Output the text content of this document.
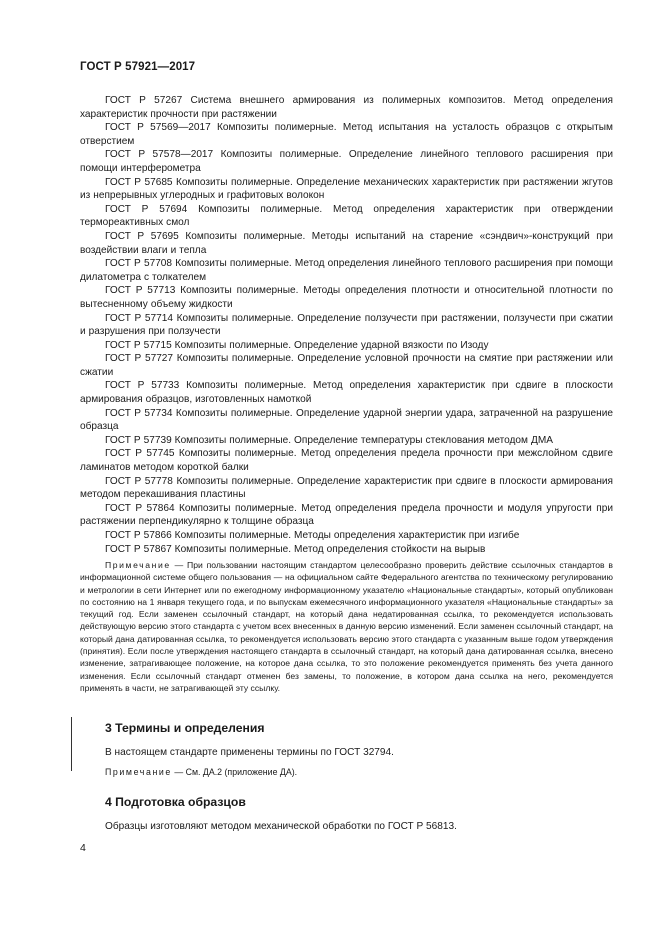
ГОСТ Р 57921—2017

ГОСТ Р 57267 Система внешнего армирования из полимерных композитов. Метод определения характеристик прочности при растяжении

ГОСТ Р 57569—2017 Композиты полимерные. Метод испытания на усталость образцов с открытым отверстием

ГОСТ Р 57578—2017 Композиты полимерные. Определение линейного теплового расширения при помощи интерферометра

ГОСТ Р 57685 Композиты полимерные. Определение механических характеристик при растяжении жгутов из непрерывных углеродных и графитовых волокон

ГОСТ Р 57694 Композиты полимерные. Метод определения характеристик при отверждении термореактивных смол

ГОСТ Р 57695 Композиты полимерные. Методы испытаний на старение «сэндвич»-конструкций при воздействии влаги и тепла

ГОСТ Р 57708 Композиты полимерные. Метод определения линейного теплового расширения при помощи дилатометра с толкателем

ГОСТ Р 57713 Композиты полимерные. Методы определения плотности и относительной плотности по вытесненному объему жидкости

ГОСТ Р 57714 Композиты полимерные. Определение ползучести при растяжении, ползучести при сжатии и разрушения при ползучести

ГОСТ Р 57715 Композиты полимерные. Определение ударной вязкости по Изоду

ГОСТ Р 57727 Композиты полимерные. Определение условной прочности на смятие при растяжении или сжатии

ГОСТ Р 57733 Композиты полимерные. Метод определения характеристик при сдвиге в плоскости армирования образцов, изготовленных намоткой

ГОСТ Р 57734 Композиты полимерные. Определение ударной энергии удара, затраченной на разрушение образца

ГОСТ Р 57739 Композиты полимерные. Определение температуры стеклования методом ДМА

ГОСТ Р 57745 Композиты полимерные. Метод определения предела прочности при межслойном сдвиге ламинатов методом короткой балки

ГОСТ Р 57778 Композиты полимерные. Определение характеристик при сдвиге в плоскости армирования методом перекашивания пластины

ГОСТ Р 57864 Композиты полимерные. Метод определения предела прочности и модуля упругости при растяжении перпендикулярно к толщине образца

ГОСТ Р 57866 Композиты полимерные. Методы определения характеристик при изгибе

ГОСТ Р 57867 Композиты полимерные. Метод определения стойкости на вырыв

Примечание — При пользовании настоящим стандартом целесообразно проверить действие ссылочных стандартов в информационной системе общего пользования — на официальном сайте Федерального агентства по техническому регулированию и метрологии в сети Интернет или по ежегодному информационному указателю «Национальные стандарты», который опубликован по состоянию на 1 января текущего года, и по выпускам ежемесячного информационного указателя «Национальные стандарты» за текущий год. Если заменен ссылочный стандарт, на который дана недатированная ссылка, то рекомендуется использовать действующую версию этого стандарта с учетом всех внесенных в данную версию изменений. Если заменен ссылочный стандарт, на который дана датированная ссылка, то рекомендуется использовать версию этого стандарта с указанным выше годом утверждения (принятия). Если после утверждения настоящего стандарта в ссылочный стандарт, на который дана датированная ссылка, внесено изменение, затрагивающее положение, на которое дана ссылка, то это положение рекомендуется применять без учета данного изменения. Если ссылочный стандарт отменен без замены, то положение, в котором дана ссылка на него, рекомендуется применять в части, не затрагивающей эту ссылку.

3 Термины и определения

В настоящем стандарте применены термины по ГОСТ 32794.

Примечание — См. ДА.2 (приложение ДА).

4 Подготовка образцов

Образцы изготовляют методом механической обработки по ГОСТ Р 56813.

4
